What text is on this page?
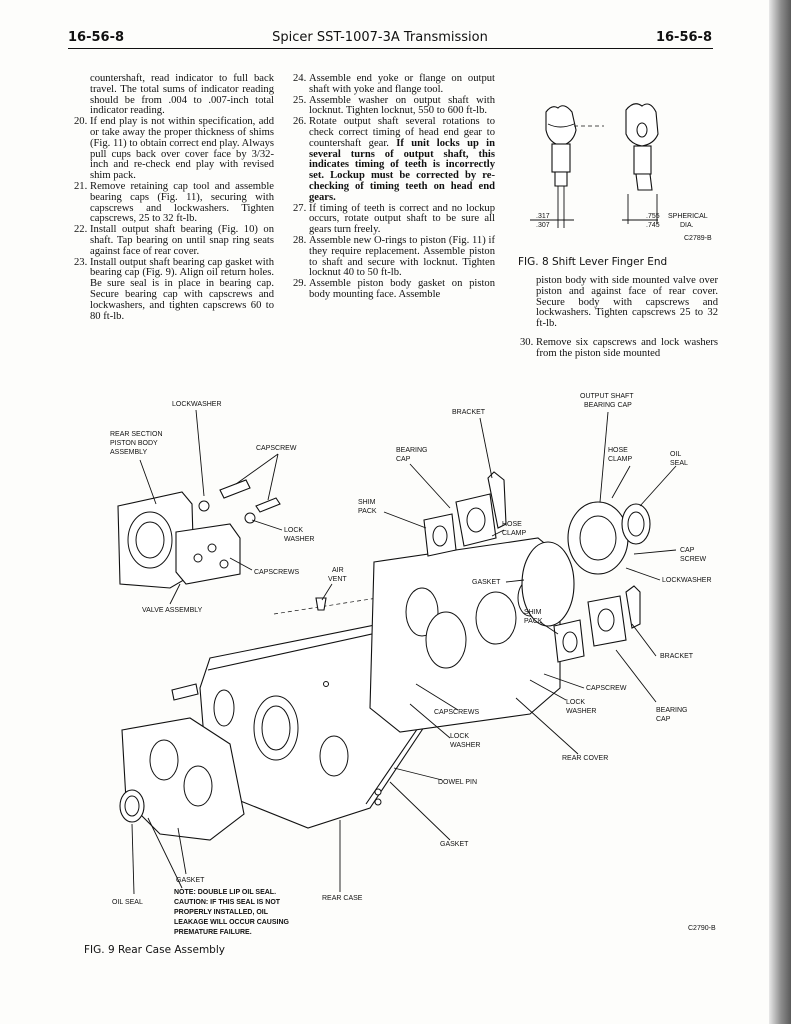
16-56-8	Spicer SST-1007-3A Transmission	16-56-8
countershaft, read indicator to full back travel. The total sums of indicator reading should be from .004 to .007-inch total indicator reading.
20. If end play is not within specification, add or take away the proper thickness of shims (Fig. 11) to obtain correct end play. Always pull cups back over cover face by 3/32-inch and re-check end play with revised shim pack.
21. Remove retaining cap tool and assemble bearing caps (Fig. 11), securing with capscrews and lockwashers. Tighten capscrews, 25 to 32 ft-lb.
22. Install output shaft bearing (Fig. 10) on shaft. Tap bearing on until snap ring seats against face of rear cover.
23. Install output shaft bearing cap gasket with bearing cap (Fig. 9). Align oil return holes. Be sure seal is in place in bearing cap. Secure bearing cap with capscrews and lockwashers, and tighten capscrews 60 to 80 ft-lb.
24. Assemble end yoke or flange on output shaft with yoke and flange tool.
25. Assemble washer on output shaft with locknut. Tighten locknut, 550 to 600 ft-lb.
26. Rotate output shaft several rotations to check correct timing of head end gear to countershaft gear. If unit locks up in several turns of output shaft, this indicates timing of teeth is incorrectly set. Lockup must be corrected by re-checking of timing teeth on head end gears.
27. If timing of teeth is correct and no lockup occurs, rotate output shaft to be sure all gears turn freely.
28. Assemble new O-rings to piston (Fig. 11) if they require replacement. Assemble piston to shaft and secure with locknut. Tighten locknut 40 to 50 ft-lb.
29. Assemble piston body gasket on piston body mounting face. Assemble
piston body with side mounted valve over piston and against face of rear cover. Secure body with capscrews and lockwashers. Tighten capscrews 25 to 32 ft-lb.
30. Remove six capscrews and lock washers from the piston side mounted
.317
.307
.755
.745
SPHERICAL
DIA.
C2789-B
FIG. 8 Shift Lever Finger End
LOCKWASHER
REAR SECTION
PISTON BODY
ASSEMBLY
CAPSCREW
LOCK
WASHER
CAPSCREWS
VALVE ASSEMBLY
AIR
VENT
BRACKET
BEARING
CAP
SHIM
PACK
HOSE
CLAMP
GASKET
OUTPUT SHAFT
BEARING CAP
HOSE
CLAMP
OIL
SEAL
CAP
SCREW
LOCKWASHER
SHIM
PACK
BRACKET
CAPSCREW
LOCK
WASHER	BEARING
CAP
CAPSCREWS
LOCK
WASHER
REAR COVER
DOWEL PIN
GASKET
GASKET
OIL SEAL
REAR CASE
NOTE: DOUBLE LIP OIL SEAL.
CAUTION: IF THIS SEAL IS NOT
PROPERLY INSTALLED, OIL
LEAKAGE WILL OCCUR CAUSING
PREMATURE FAILURE.
C2790-B
FIG. 9 Rear Case Assembly
